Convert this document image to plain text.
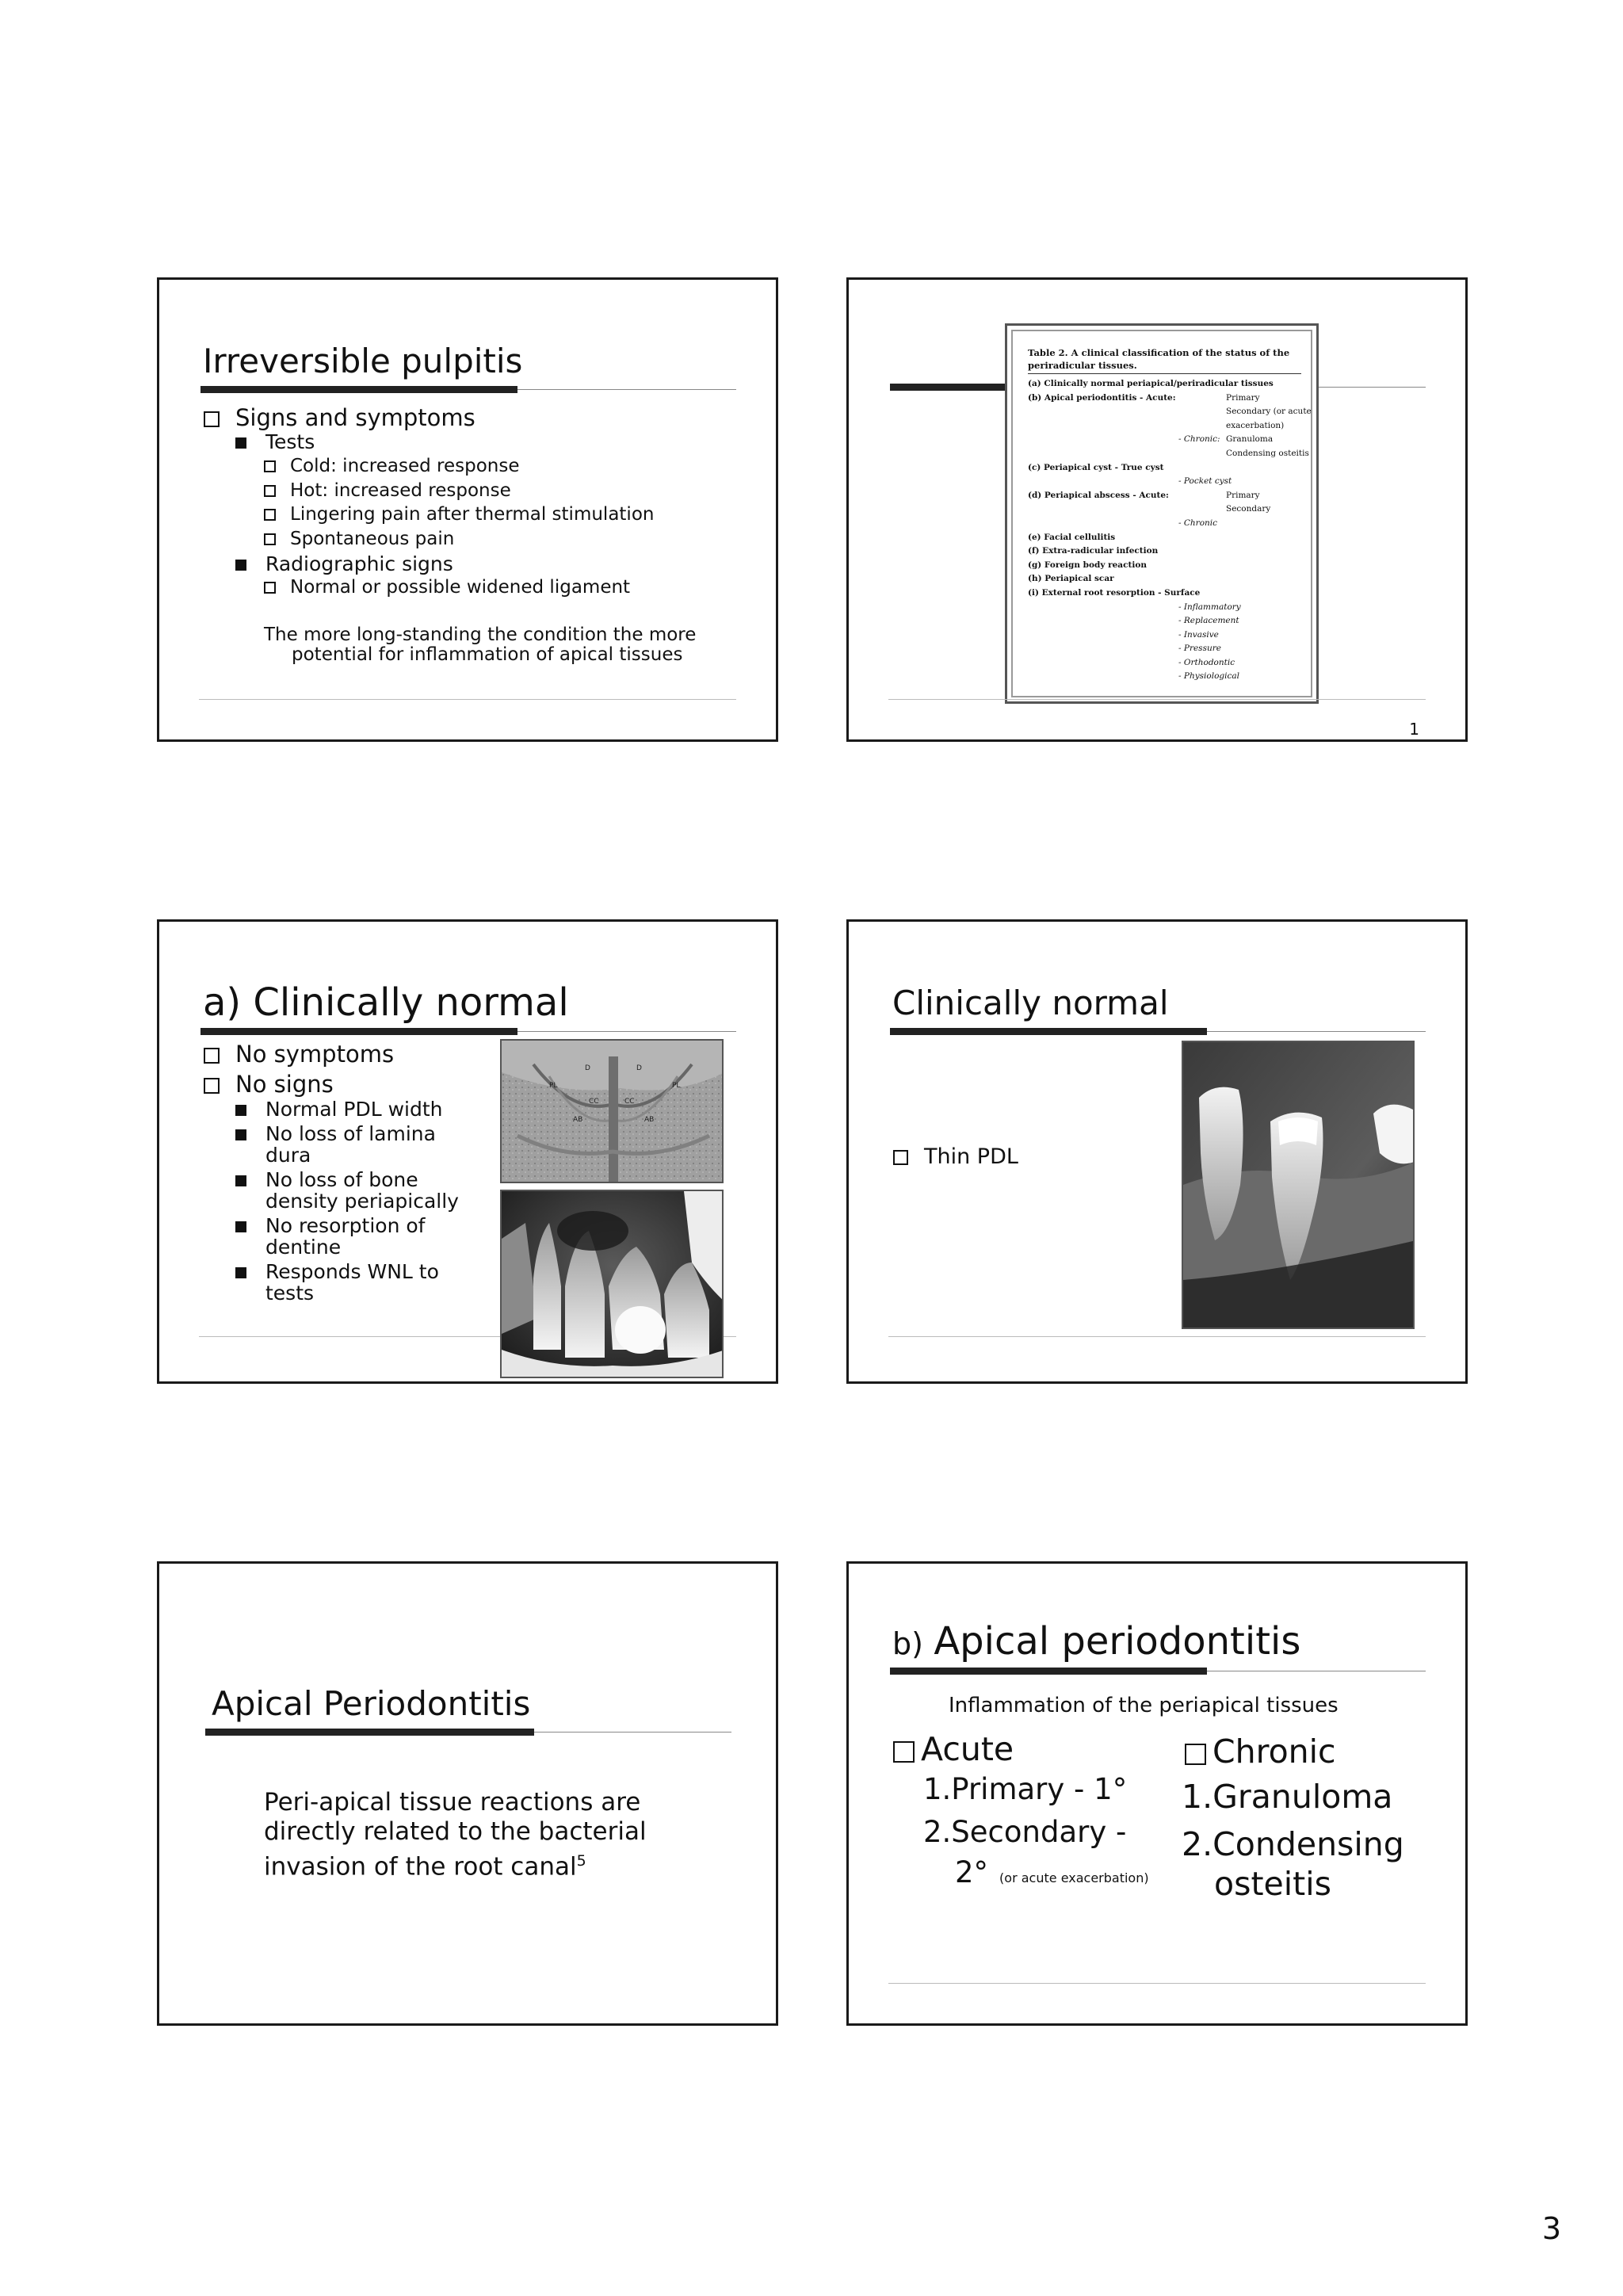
Irreversible pulpitis
Signs and symptoms
Tests
Cold: increased response
Hot: increased response
Lingering pain after thermal stimulation
Spontaneous pain
Radiographic signs
Normal or possible widened ligament
The more long-standing the condition the more
potential for inflammation of apical tissues
Table 2. A clinical classification of the status of the
periradicular tissues.
(a) Clinically normal periapical/periradicular tissues
(b) Apical periodontitis - Acute:	Primary
Secondary (or acute
exacerbation)
- Chronic: Granuloma
Condensing osteitis
(c) Periapical cyst - True cyst
- Pocket cyst
(d) Periapical abscess - Acute:	Primary
Secondary
- Chronic
(e) Facial cellulitis
(f) Extra-radicular infection
(g) Foreign body reaction
(h) Periapical scar
(i) External root resorption - Surface
- Inflammatory
- Replacement
- Invasive
- Pressure
- Orthodontic
- Physiological
1
a) Clinically normal
No symptoms
No signs
Normal PDL width
No loss of lamina
dura
No loss of bone
density periapically
No resorption of
dentine
Responds WNL to
tests
D	D
PL	PL
CC	CC
AB	AB
Clinically normal
Thin PDL
Apical Periodontitis
Peri-apical tissue reactions are
directly related to the bacterial
invasion of the root canal$^5$
b) Apical periodontitis
Inflammation of the periapical tissues
Acute
1.Primary - 1°
2.Secondary -
2° (or acute exacerbation)
Chronic
1.Granuloma
2.Condensing
osteitis
3
